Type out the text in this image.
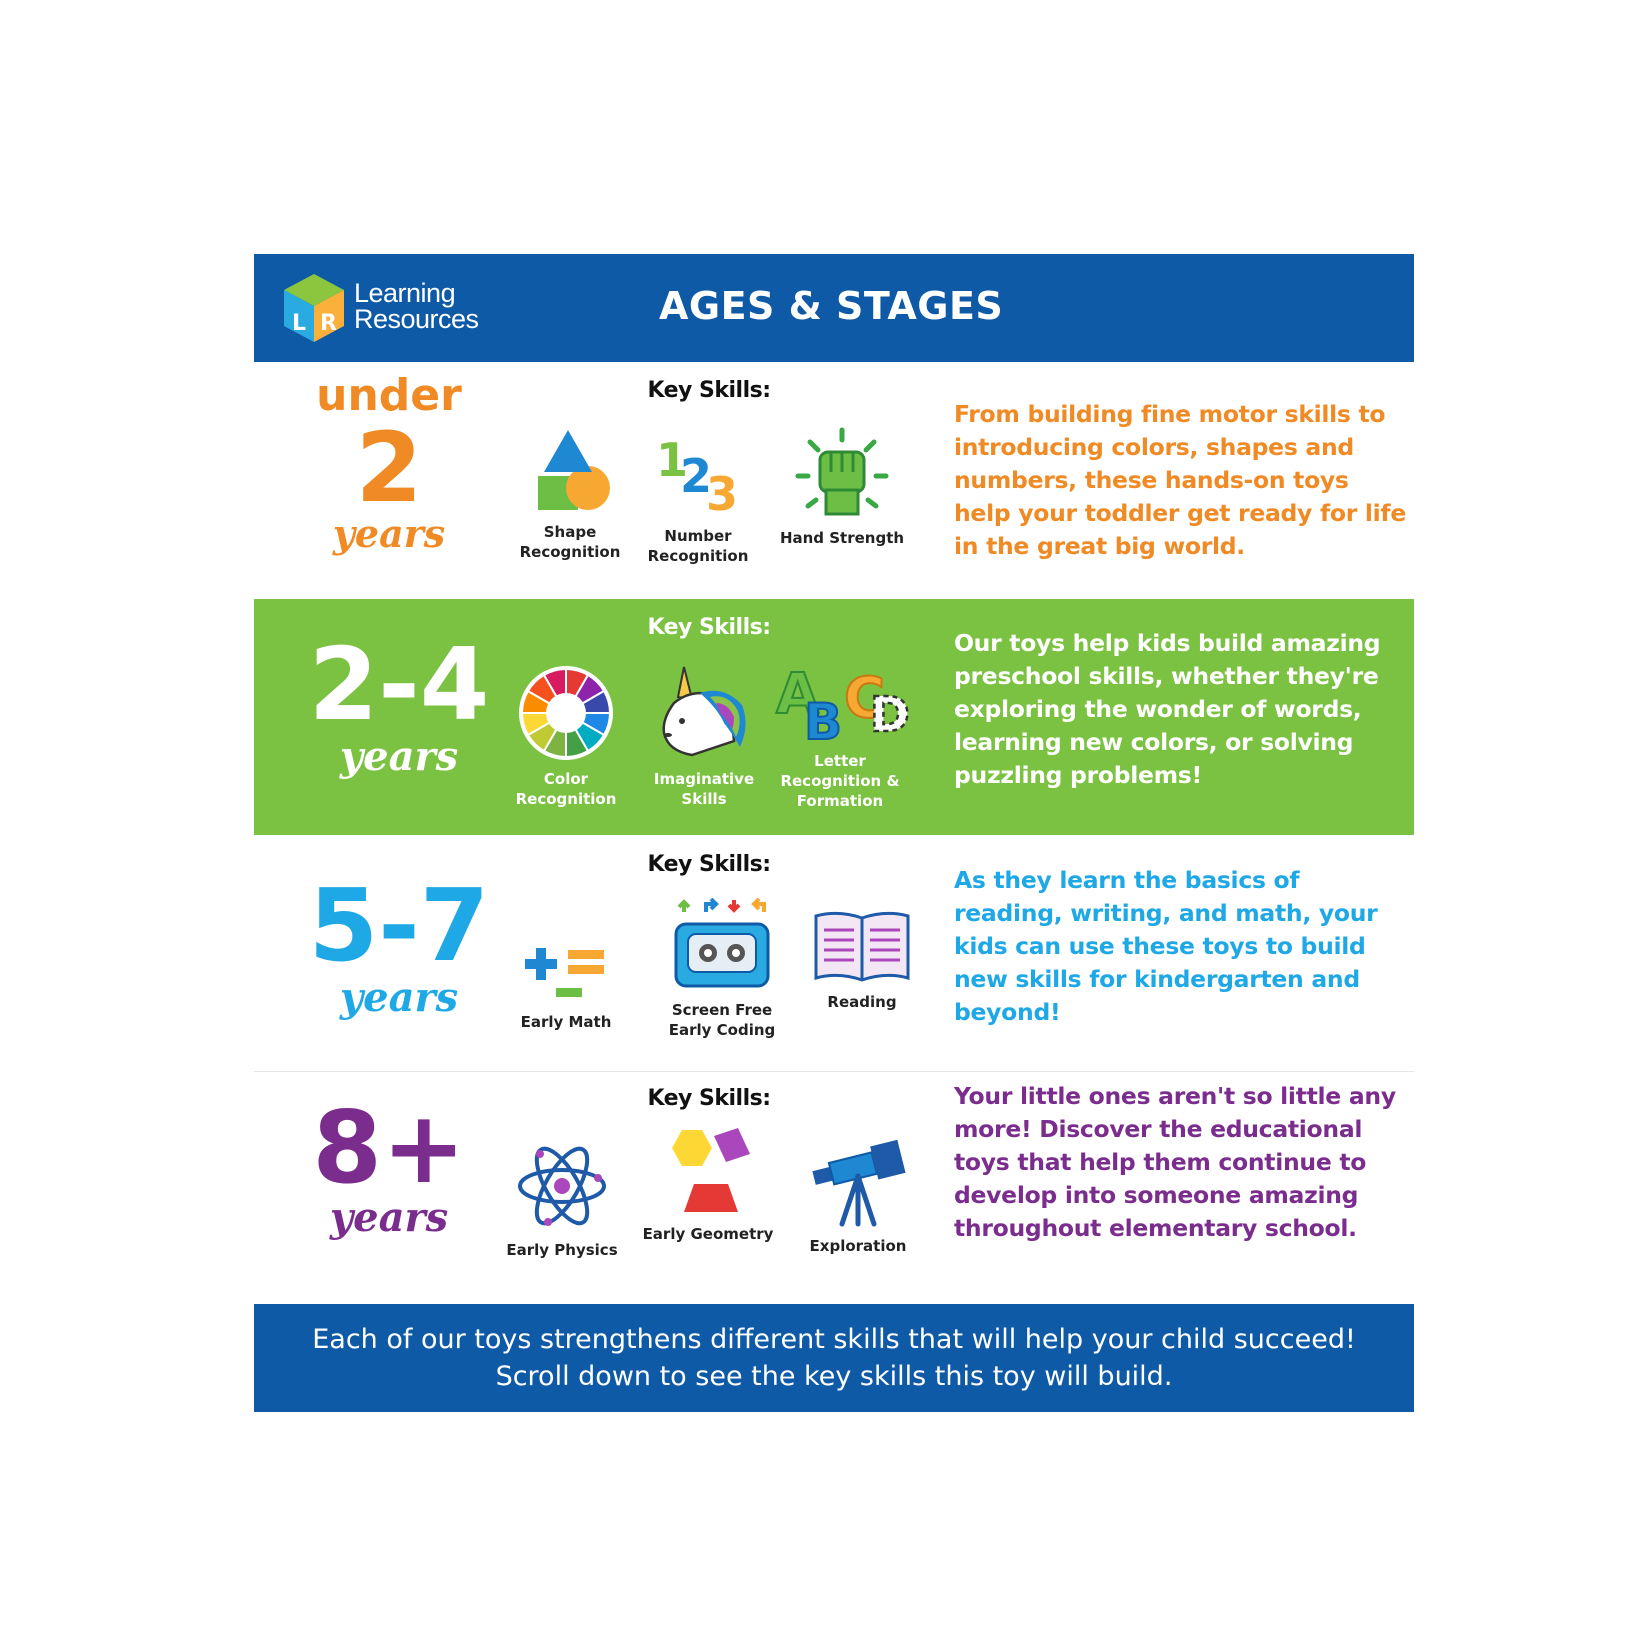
L R
Learning
Resources	AGES & STAGES
under
2
years
Key Skills:
Shape Recognition
1
2
3
Number Recognition
Hand Strength
From building fine motor skills to introducing colors, shapes and numbers, these hands-on toys help your toddler get ready for life in the great big world.
2-4
years
Key Skills:
Color Recognition
Imaginative Skills
A C
B D
Letter Recognition & Formation
Our toys help kids build amazing preschool skills, whether they're exploring the wonder of words, learning new colors, or solving puzzling problems!
5-7
years
Key Skills:
Early Math
Screen Free Early Coding
Reading
As they learn the basics of reading, writing, and math, your kids can use these toys to build new skills for kindergarten and beyond!
8+
years
Key Skills:
Early Physics
Early Geometry
Exploration
Your little ones aren't so little any more! Discover the educational toys that help them continue to develop into someone amazing throughout elementary school.
Each of our toys strengthens different skills that will help your child succeed! Scroll down to see the key skills this toy will build.
